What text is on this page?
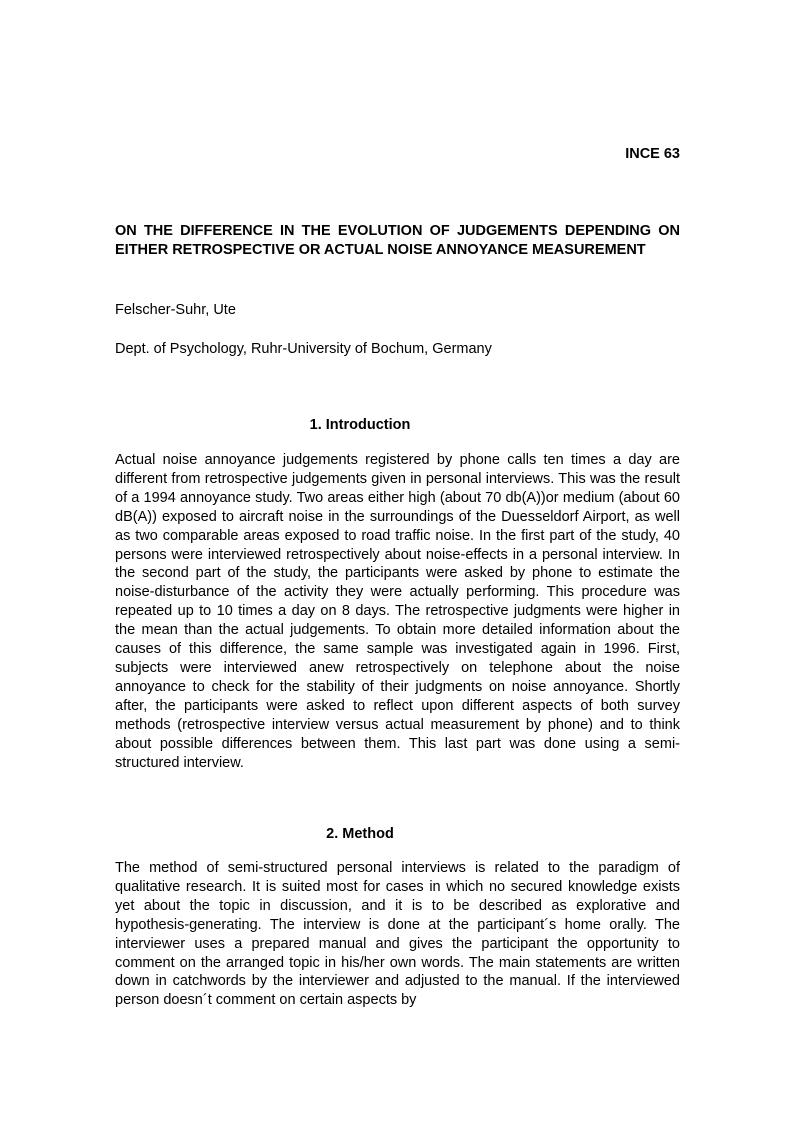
INCE 63
ON THE DIFFERENCE IN THE EVOLUTION OF JUDGEMENTS DEPENDING ON EITHER RETROSPECTIVE OR ACTUAL NOISE ANNOYANCE MEASUREMENT
Felscher-Suhr, Ute
Dept. of Psychology, Ruhr-University of Bochum, Germany
1. Introduction

Actual noise annoyance judgements registered by phone calls ten times a day are different from retrospective judgements given in personal interviews. This was the result of a 1994 annoyance study. Two areas either high (about 70 db(A))or medium (about 60 dB(A)) exposed to aircraft noise in the surroundings of the Duesseldorf Airport, as well as two comparable areas exposed to road traffic noise. In the first part of the study, 40 persons were interviewed retrospectively about noise-effects in a personal interview. In the second part of the study, the participants were asked by phone to estimate the noise-disturbance of the activity they were actually performing. This procedure was repeated up to 10 times a day on 8 days. The retrospective judgments were higher in the mean than the actual judgements. To obtain more detailed information about the causes of this difference, the same sample was investigated again in 1996. First, subjects were interviewed anew retrospectively on telephone about the noise annoyance to check for the stability of their judgments on noise annoyance. Shortly after, the participants were asked to reflect upon different aspects of both survey methods (retrospective interview versus actual measurement by phone) and to think about possible differences between them. This last part was done using a semi-structured interview.

2. Method

The method of semi-structured personal interviews is related to the paradigm of qualitative research. It is suited most for cases in which no secured knowledge exists yet about the topic in discussion, and it is to be described as explorative and hypothesis-generating. The interview is done at the participant´s home orally. The interviewer uses a prepared manual and gives the participant the opportunity to comment on the arranged topic in his/her own words. The main statements are written down in catchwords by the interviewer and adjusted to the manual. If the interviewed person doesn´t comment on certain aspects by
